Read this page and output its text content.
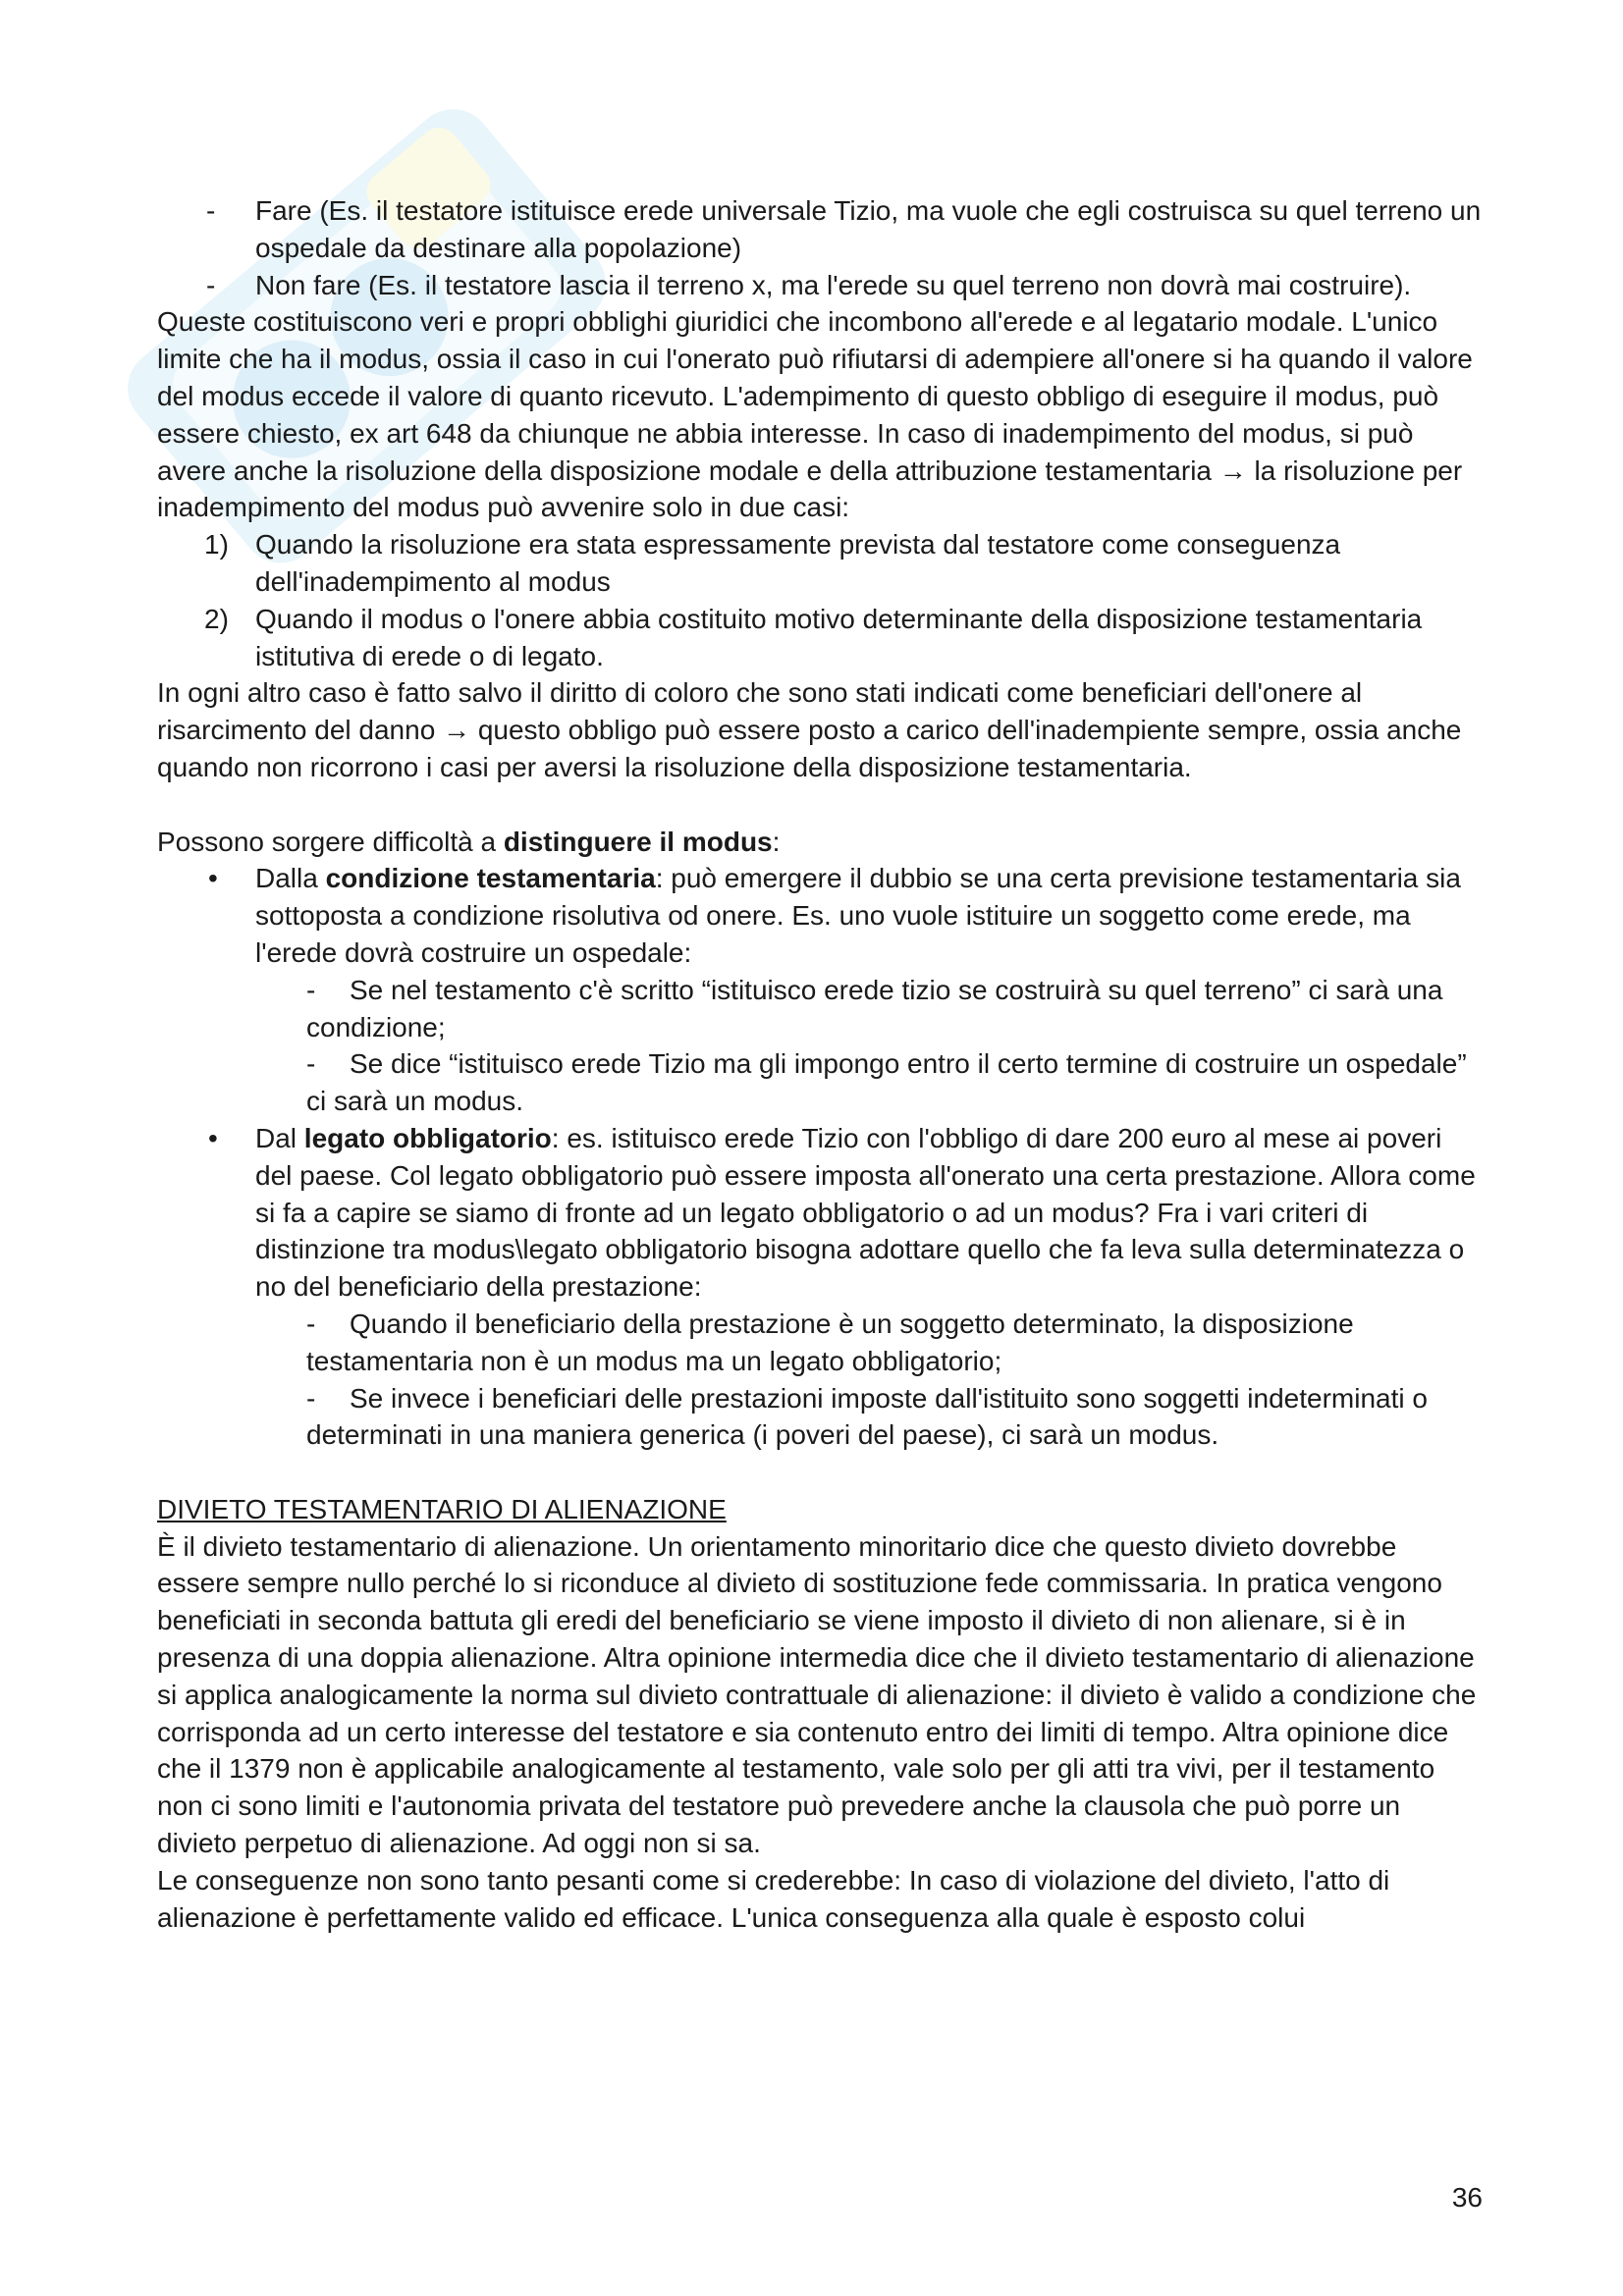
- Fare (Es. il testatore istituisce erede universale Tizio, ma vuole che egli costruisca su quel terreno un ospedale da destinare alla popolazione)
- Non fare (Es. il testatore lascia il terreno x, ma l'erede su quel terreno non dovrà mai costruire).

Queste costituiscono veri e propri obblighi giuridici che incombono all'erede e al legatario modale. L'unico limite che ha il modus, ossia il caso in cui l'onerato può rifiutarsi di adempiere all'onere si ha quando il valore del modus eccede il valore di quanto ricevuto. L'adempimento di questo obbligo di eseguire il modus, può essere chiesto, ex art 648 da chiunque ne abbia interesse. In caso di inadempimento del modus, si può avere anche la risoluzione della disposizione modale e della attribuzione testamentaria → la risoluzione per inadempimento del modus può avvenire solo in due casi:

1) Quando la risoluzione era stata espressamente prevista dal testatore come conseguenza dell'inadempimento al modus
2) Quando il modus o l'onere abbia costituito motivo determinante della disposizione testamentaria istitutiva di erede o di legato.

In ogni altro caso è fatto salvo il diritto di coloro che sono stati indicati come beneficiari dell'onere al risarcimento del danno → questo obbligo può essere posto a carico dell'inadempiente sempre, ossia anche quando non ricorrono i casi per aversi la risoluzione della disposizione testamentaria.

Possono sorgere difficoltà a distinguere il modus:

• Dalla condizione testamentaria: può emergere il dubbio se una certa previsione testamentaria sia sottoposta a condizione risolutiva od onere. Es. uno vuole istituire un soggetto come erede, ma l'erede dovrà costruire un ospedale:
- Se nel testamento c'è scritto “istituisco erede tizio se costruirà su quel terreno” ci sarà una condizione;
- Se dice “istituisco erede Tizio ma gli impongo entro il certo termine di costruire un ospedale” ci sarà un modus.
• Dal legato obbligatorio: es. istituisco erede Tizio con l'obbligo di dare 200 euro al mese ai poveri del paese. Col legato obbligatorio può essere imposta all'onerato una certa prestazione. Allora come si fa a capire se siamo di fronte ad un legato obbligatorio o ad un modus? Fra i vari criteri di distinzione tra modus\legato obbligatorio bisogna adottare quello che fa leva sulla determinatezza o no del beneficiario della prestazione:
- Quando il beneficiario della prestazione è un soggetto determinato, la disposizione testamentaria non è un modus ma un legato obbligatorio;
- Se invece i beneficiari delle prestazioni imposte dall'istituito sono soggetti indeterminati o determinati in una maniera generica (i poveri del paese), ci sarà un modus.

DIVIETO TESTAMENTARIO DI ALIENAZIONE

È il divieto testamentario di alienazione. Un orientamento minoritario dice che questo divieto dovrebbe essere sempre nullo perché lo si riconduce al divieto di sostituzione fede commissaria. In pratica vengono beneficiati in seconda battuta gli eredi del beneficiario se viene imposto il divieto di non alienare, si è in presenza di una doppia alienazione. Altra opinione intermedia dice che il divieto testamentario di alienazione si applica analogicamente la norma sul divieto contrattuale di alienazione: il divieto è valido a condizione che corrisponda ad un certo interesse del testatore e sia contenuto entro dei limiti di tempo. Altra opinione dice che il 1379 non è applicabile analogicamente al testamento, vale solo per gli atti tra vivi, per il testamento non ci sono limiti e l'autonomia privata del testatore può prevedere anche la clausola che può porre un divieto perpetuo di alienazione. Ad oggi non si sa.

Le conseguenze non sono tanto pesanti come si crederebbe: In caso di violazione del divieto, l'atto di alienazione è perfettamente valido ed efficace. L'unica conseguenza alla quale è esposto colui

36
